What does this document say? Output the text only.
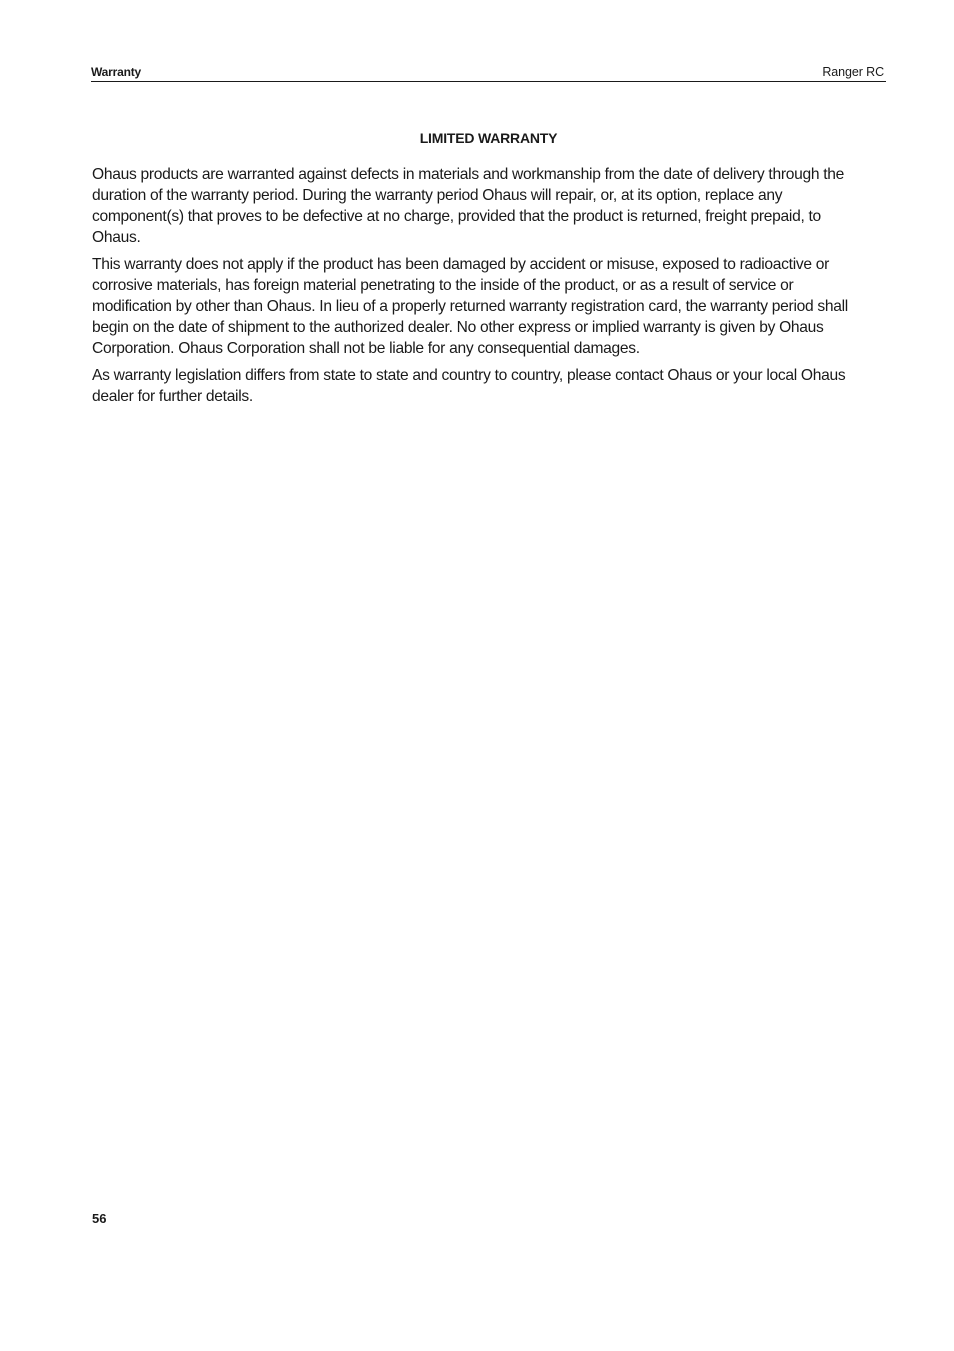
Warranty	Ranger RC
LIMITED WARRANTY

Ohaus products are warranted against defects in materials and workmanship from the date of delivery through the duration of the warranty period. During the warranty period Ohaus will repair, or, at its option, replace any component(s) that proves to be defective at no charge, provided that the product is returned, freight prepaid, to Ohaus.

This warranty does not apply if the product has been damaged by accident or misuse, exposed to radioactive or corrosive materials, has foreign material penetrating to the inside of the product, or as a result of service or modification by other than Ohaus. In lieu of a properly returned warranty registration card, the warranty period shall begin on the date of shipment to the authorized dealer. No other express or implied warranty is given by Ohaus Corporation. Ohaus Corporation shall not be liable for any consequential damages.

As warranty legislation differs from state to state and country to country, please contact Ohaus or your local Ohaus dealer for further details.

56
